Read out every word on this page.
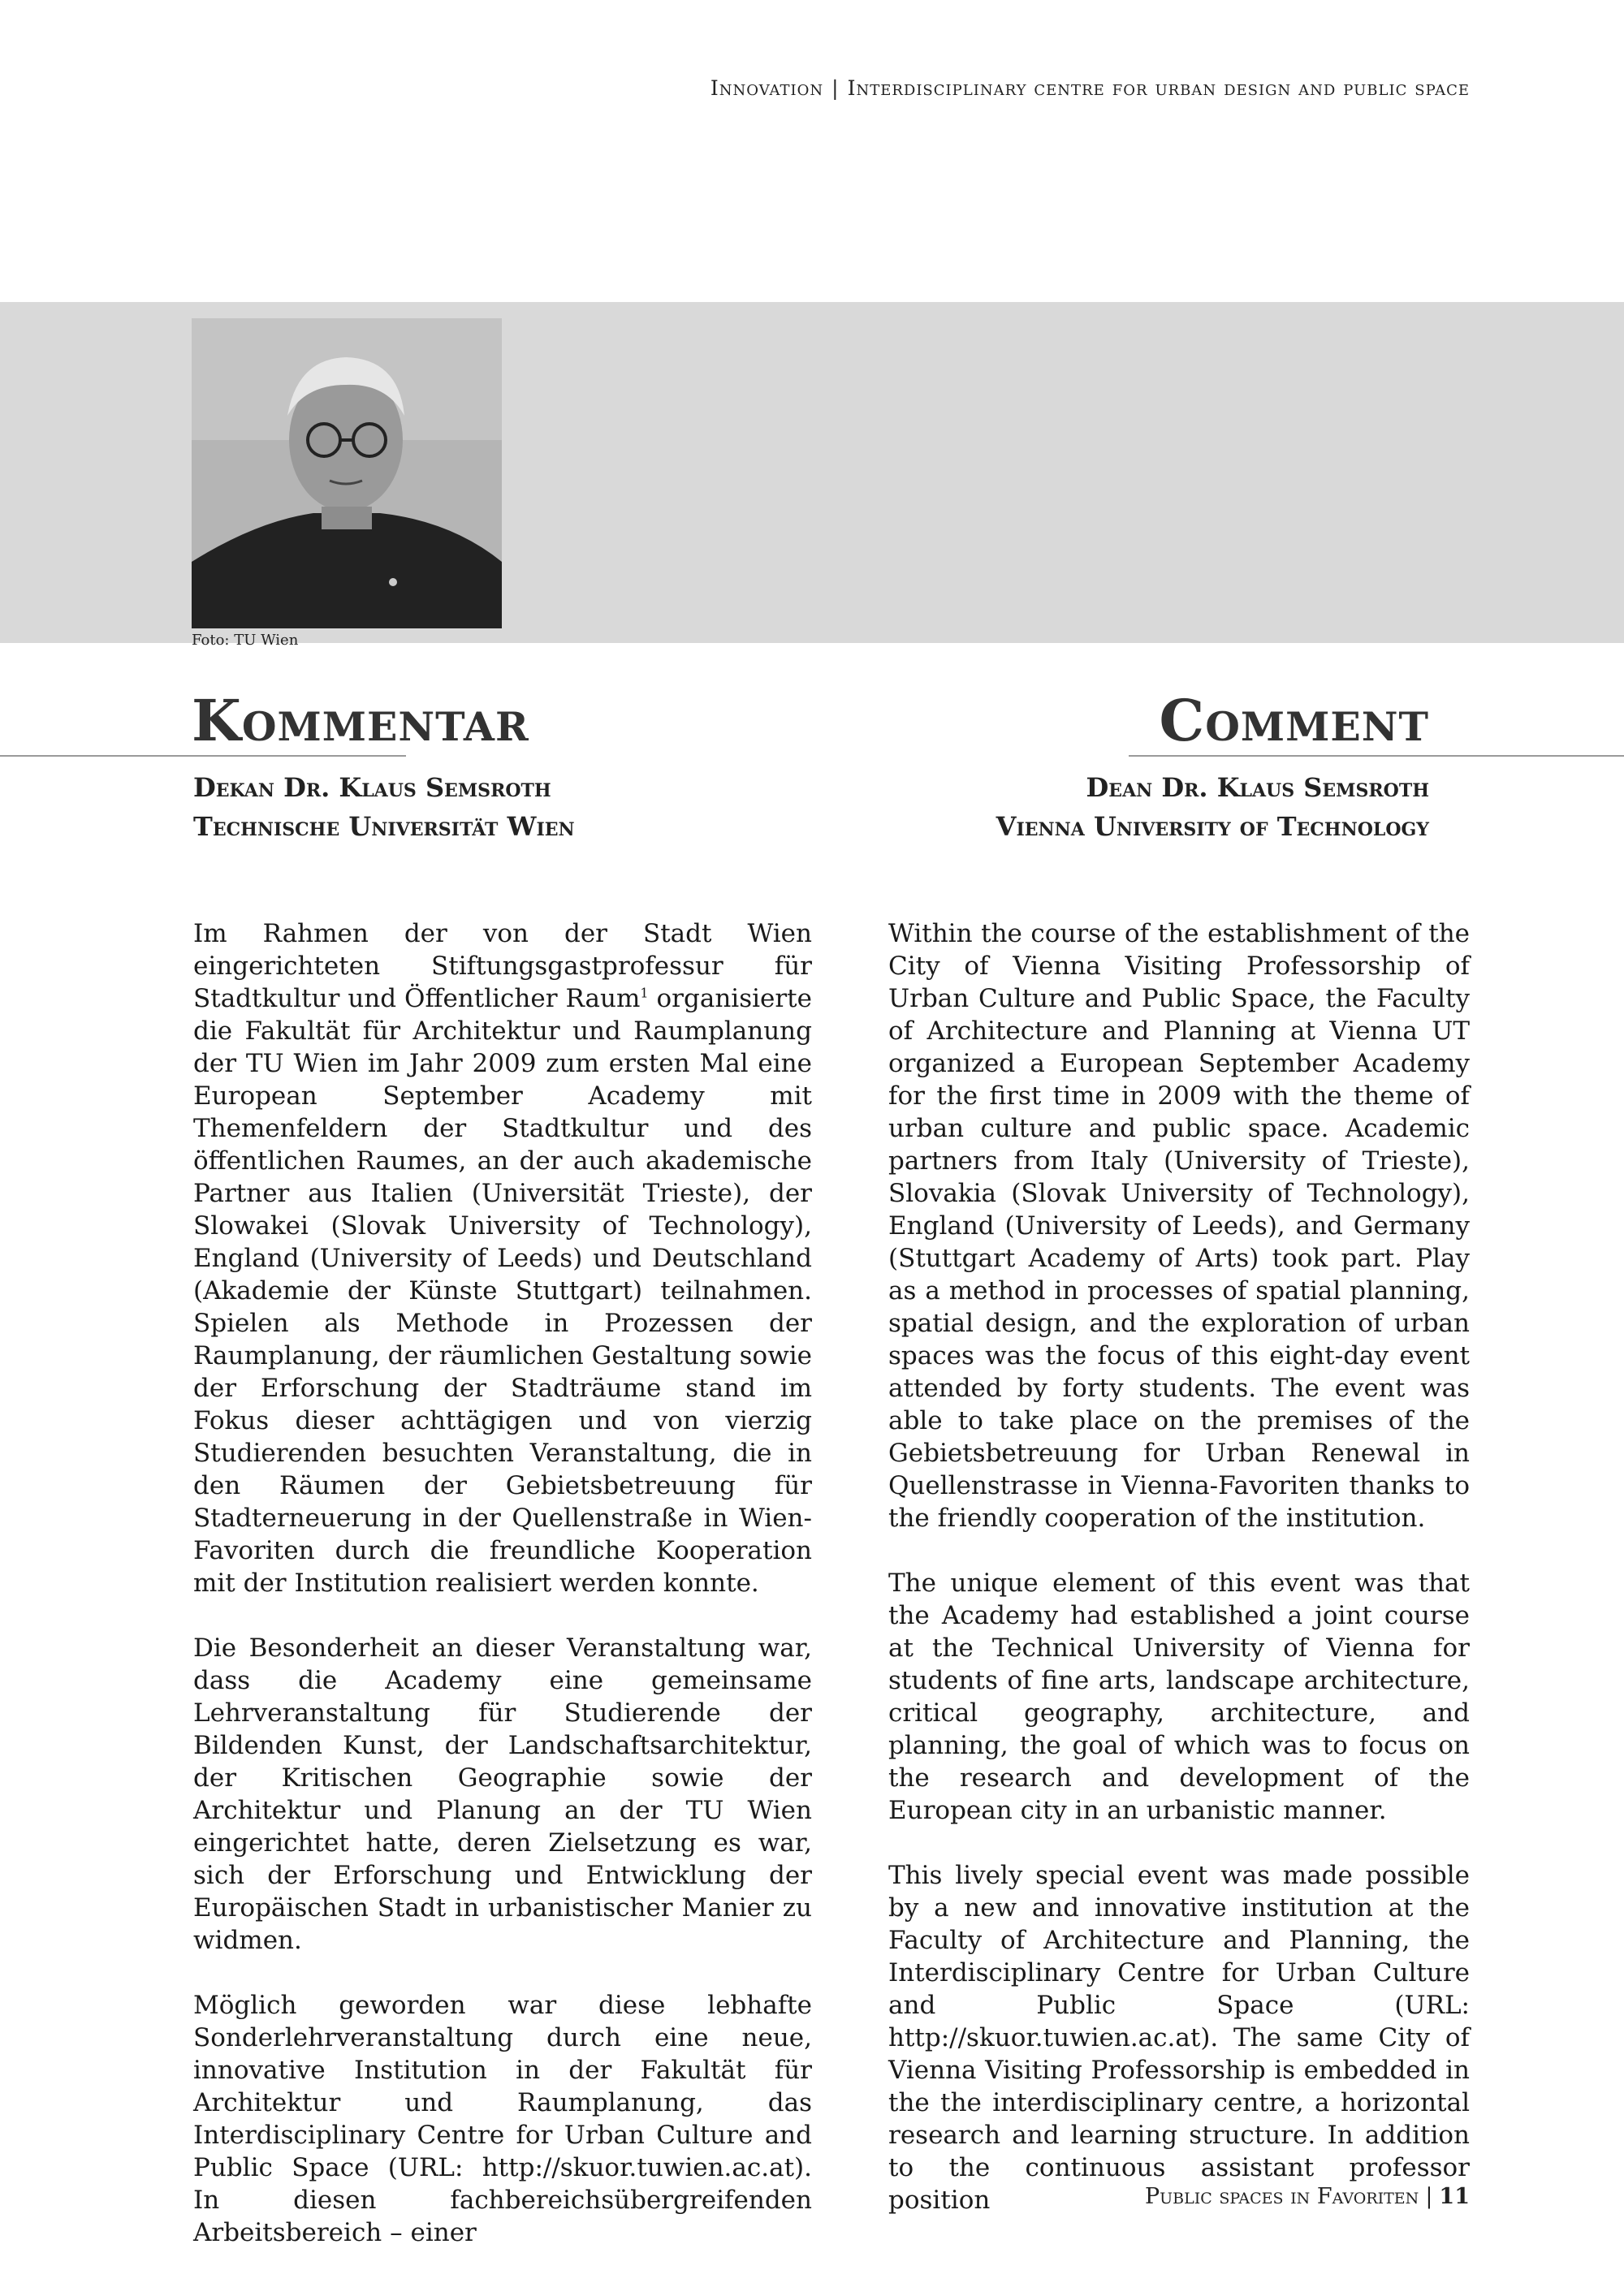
Innovation | Interdisciplinary centre for urban design and public space
Foto: TU Wien
Kommentar	Comment
Dekan Dr. Klaus Semsroth
Technische Universität Wien
Dean Dr. Klaus Semsroth
Vienna University of Technology

Im Rahmen der von der Stadt Wien eingerichteten Stiftungsgastprofessur für Stadtkultur und Öffentlicher Raum$^1$ organisierte die Fakultät für Architektur und Raumplanung der TU Wien im Jahr 2009 zum ersten Mal eine European September Academy mit Themenfeldern der Stadtkultur und des öffentlichen Raumes, an der auch akademische Partner aus Italien (Universität Trieste), der Slowakei (Slovak University of Technology), England (University of Leeds) und Deutschland (Akademie der Künste Stuttgart) teilnahmen. Spielen als Methode in Prozessen der Raumplanung, der räumlichen Gestaltung sowie der Erforschung der Stadträume stand im Fokus dieser achttägigen und von vierzig Studierenden besuchten Veranstaltung, die in den Räumen der Gebietsbetreuung für Stadterneuerung in der Quellenstraße in Wien-Favoriten durch die freundliche Kooperation mit der Institution realisiert werden konnte.

Die Besonderheit an dieser Veranstaltung war, dass die Academy eine gemeinsame Lehrveranstaltung für Studierende der Bildenden Kunst, der Landschaftsarchitektur, der Kritischen Geographie sowie der Architektur und Planung an der TU Wien eingerichtet hatte, deren Zielsetzung es war, sich der Erforschung und Entwicklung der Europäischen Stadt in urbanistischer Manier zu widmen.

Möglich geworden war diese lebhafte Sonderlehrveranstaltung durch eine neue, innovative Institution in der Fakultät für Architektur und Raumplanung, das Interdisciplinary Centre for Urban Culture and Public Space (URL: http://skuor.tuwien.ac.at). In diesen fachbereichsübergreifenden Arbeitsbereich – einer

Within the course of the establishment of the City of Vienna Visiting Professorship of Urban Culture and Public Space, the Faculty of Architecture and Planning at Vienna UT organized a European September Academy for the first time in 2009 with the theme of urban culture and public space. Academic partners from Italy (University of Trieste), Slovakia (Slovak University of Technology), England (University of Leeds), and Germany (Stuttgart Academy of Arts) took part. Play as a method in processes of spatial planning, spatial design, and the exploration of urban spaces was the focus of this eight-day event attended by forty students. The event was able to take place on the premises of the Gebietsbetreuung for Urban Renewal in Quellenstrasse in Vienna-Favoriten thanks to the friendly cooperation of the institution.

The unique element of this event was that the Academy had established a joint course at the Technical University of Vienna for students of fine arts, landscape architecture, critical geography, architecture, and planning, the goal of which was to focus on the research and development of the European city in an urbanistic manner.

This lively special event was made possible by a new and innovative institution at the Faculty of Architecture and Planning, the Interdisciplinary Centre for Urban Culture and Public Space (URL: http://skuor.tuwien.ac.at). The same City of Vienna Visiting Professorship is embedded in the the interdisciplinary centre, a horizontal research and learning structure. In addition to the continuous assistant professor position	Public spaces in Favoriten | 11
